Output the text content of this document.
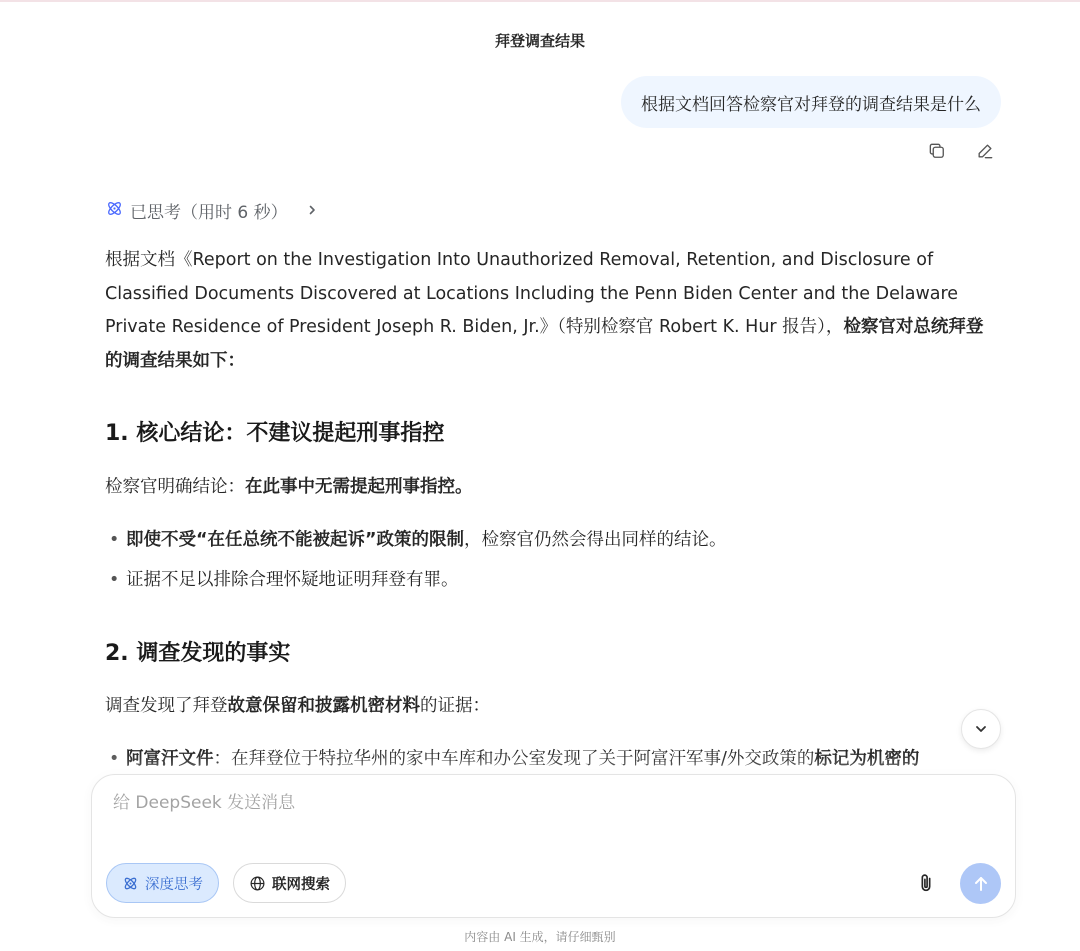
拜登调查结果
根据文档回答检察官对拜登的调查结果是什么
已思考（用时 6 秒）

根据文档《Report on the Investigation Into Unauthorized Removal, Retention, and Disclosure of Classified Documents Discovered at Locations Including the Penn Biden Center and the Delaware Private Residence of President Joseph R. Biden, Jr.》（特别检察官 Robert K. Hur 报告），检察官对总统拜登的调查结果如下：

1. 核心结论：不建议提起刑事指控

检察官明确结论：在此事中无需提起刑事指控。

• 即使不受“在任总统不能被起诉”政策的限制，检察官仍然会得出同样的结论。
• 证据不足以排除合理怀疑地证明拜登有罪。
2. 调查发现的事实

调查发现了拜登故意保留和披露机密材料的证据：

• 阿富汗文件：在拜登位于特拉华州的家中车库和办公室发现了关于阿富汗军事/外交政策的标记为机密的
给 DeepSeek 发送消息
深度思考	联网搜索
内容由 AI 生成，请仔细甄别
